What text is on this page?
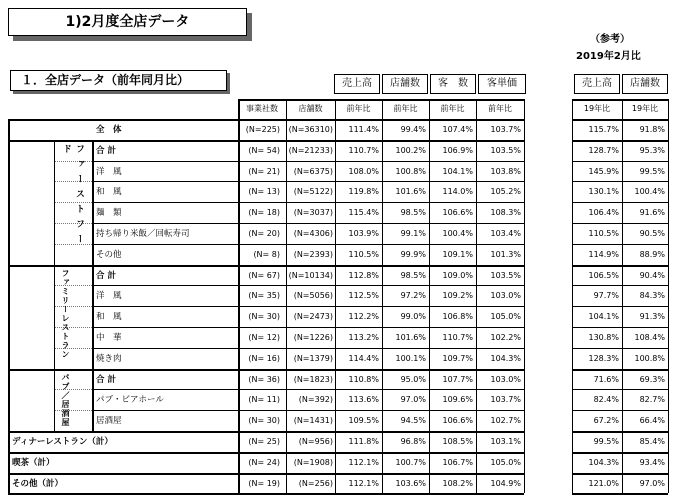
1)2月度全店データ
（参考）
2019年2月比
１．全店データ（前年同月比）	売上高	店舗数	客　数	客単価	売上高	店舗数
事業社数	店舗数	前年比	前年比	前年比	前年比	19年比	19年比
ファーストフード
ファミリーレストラン
パブ／居酒屋
全　体	(N=225) (N=36310)	111.4%	99.4%	107.4%	103.7%	115.7%	91.8%
合 計	(N= 54) (N=21233)	110.7%	100.2%	106.9%	103.5%	128.7%	95.3%
洋　風	(N= 21)	(N=6375)	108.0%	100.8%	104.1%	103.8%	145.9%	99.5%
和　風	(N= 13)	(N=5122)	119.8%	101.6%	114.0%	105.2%	130.1%	100.4%
麺　類	(N= 18)	(N=3037)	115.4%	98.5%	106.6%	108.3%	106.4%	91.6%
持ち帰り米飯／回転寿司	(N= 20)	(N=4306)	103.9%	99.1%	100.4%	103.4%	110.5%	90.5%
その他	(N= 8)	(N=2393)	110.5%	99.9%	109.1%	101.3%	114.9%	88.9%
合 計	(N= 67) (N=10134)	112.8%	98.5%	109.0%	103.5%	106.5%	90.4%
洋　風	(N= 35)	(N=5056)	112.5%	97.2%	109.2%	103.0%	97.7%	84.3%
和　風	(N= 30)	(N=2473)	112.2%	99.0%	106.8%	105.0%	104.1%	91.3%
中　華	(N= 12)	(N=1226)	113.2%	101.6%	110.7%	102.2%	130.8%	108.4%
焼き肉	(N= 16)	(N=1379)	114.4%	100.1%	109.7%	104.3%	128.3%	100.8%
合 計	(N= 36)	(N=1823)	110.8%	95.0%	107.7%	103.0%	71.6%	69.3%
パブ・ビアホール	(N= 11)	(N=392)	113.6%	97.0%	109.6%	103.7%	82.4%	82.7%
居酒屋	(N= 30)	(N=1431)	109.5%	94.5%	106.6%	102.7%	67.2%	66.4%
ディナーレストラン（計）	(N= 25)	(N=956)	111.8%	96.8%	108.5%	103.1%	99.5%	85.4%
喫茶（計）	(N= 24)	(N=1908)	112.1%	100.7%	106.7%	105.0%	104.3%	93.4%
その他（計）	(N= 19)	(N=256)	112.1%	103.6%	108.2%	104.9%	121.0%	97.0%
